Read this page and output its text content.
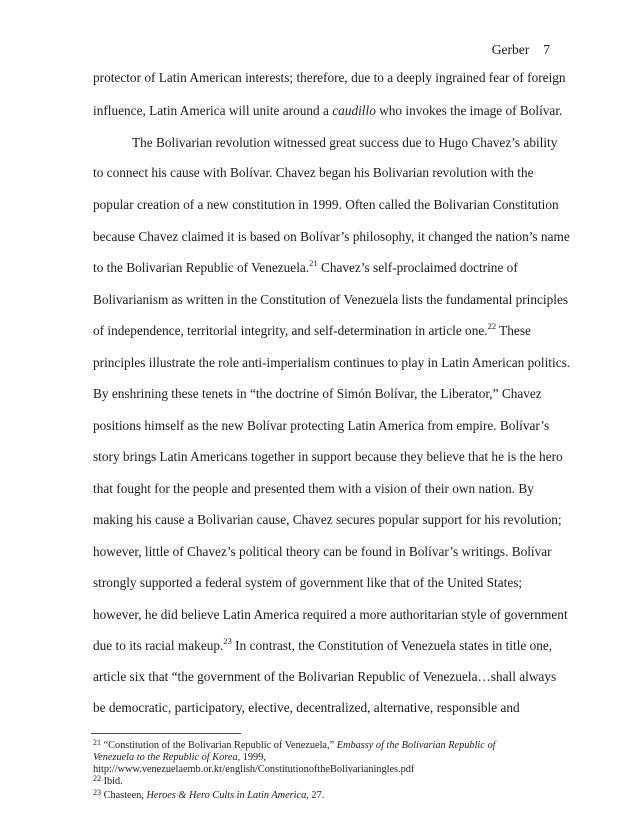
Gerber 7
protector of Latin American interests; therefore, due to a deeply ingrained fear of foreign
influence, Latin America will unite around a caudillo who invokes the image of Bolívar.
The Bolivarian revolution witnessed great success due to Hugo Chavez’s ability
to connect his cause with Bolívar. Chavez began his Bolivarian revolution with the
popular creation of a new constitution in 1999. Often called the Bolivarian Constitution
because Chavez claimed it is based on Bolívar’s philosophy, it changed the nation’s name
to the Bolivarian Republic of Venezuela.$^{21}$ Chavez’s self-proclaimed doctrine of
Bolivarianism as written in the Constitution of Venezuela lists the fundamental principles
of independence, territorial integrity, and self-determination in article one.$^{22}$ These
principles illustrate the role anti-imperialism continues to play in Latin American politics.
By enshrining these tenets in “the doctrine of Simón Bolívar, the Liberator,” Chavez
positions himself as the new Bolívar protecting Latin America from empire. Bolívar’s
story brings Latin Americans together in support because they believe that he is the hero
that fought for the people and presented them with a vision of their own nation. By
making his cause a Bolivarian cause, Chavez secures popular support for his revolution;
however, little of Chavez’s political theory can be found in Bolívar’s writings. Bolívar
strongly supported a federal system of government like that of the United States;
however, he did believe Latin America required a more authoritarian style of government
due to its racial makeup.$^{23}$ In contrast, the Constitution of Venezuela states in title one,
article six that “the government of the Bolivarian Republic of Venezuela…shall always
be democratic, participatory, elective, decentralized, alternative, responsible and
$^{21}$ “Constitution of the Bolivarian Republic of Venezuela,” Embassy of the Bolivarian Republic of
Venezuela to the Republic of Korea, 1999,
http://www.venezuelaemb.or.kr/english/ConstitutionoftheBolivarianingles.pdf
$^{22}$ Ibid.
$^{23}$ Chasteen, Heroes & Hero Cults in Latin America, 27.
